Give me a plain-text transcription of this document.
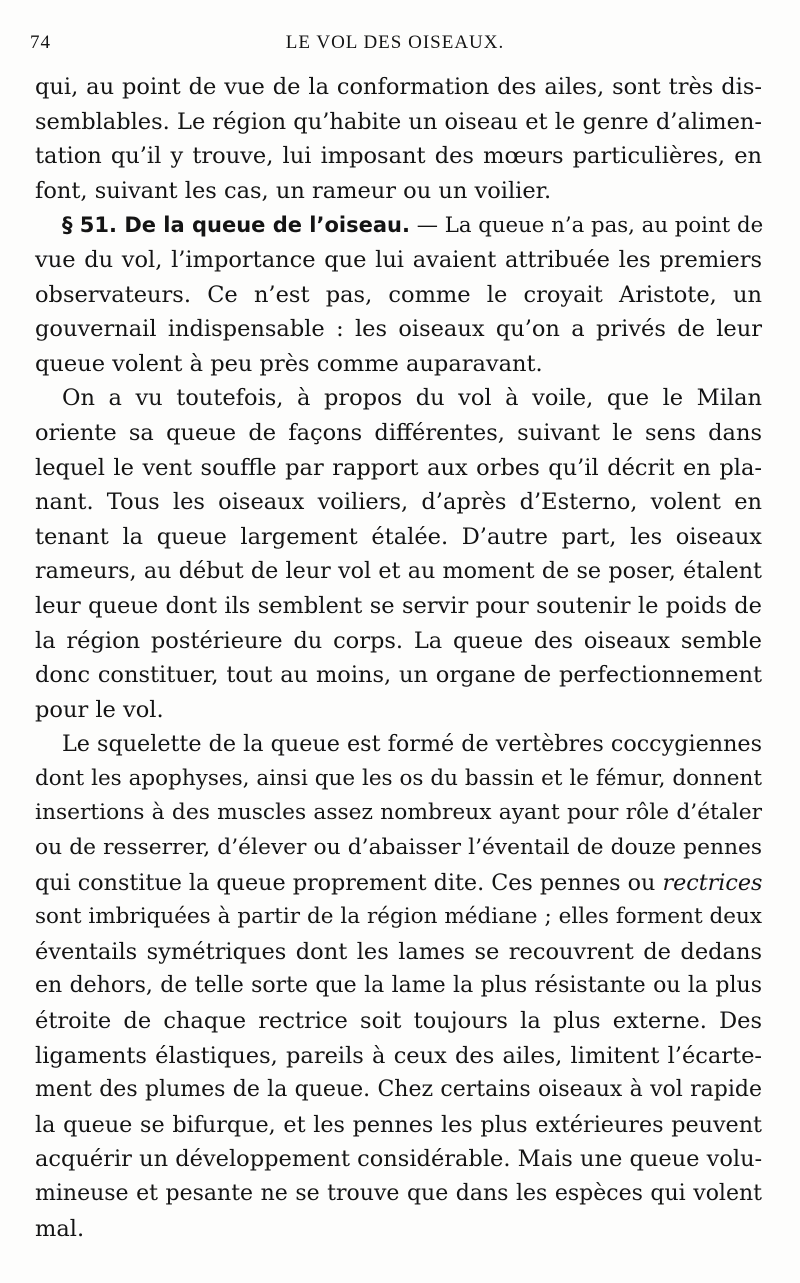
74	LE VOL DES OISEAUX.
qui, au point de vue de la conformation des ailes, sont très dis-
semblables. Le région qu’habite un oiseau et le genre d’alimen-
tation qu’il y trouve, lui imposant des mœurs particulières, en
font, suivant les cas, un rameur ou un voilier.
§ 51. De la queue de l’oiseau. — La queue n’a pas, au point de
vue du vol, l’importance que lui avaient attribuée les premiers
observateurs. Ce n’est pas, comme le croyait Aristote, un
gouvernail indispensable : les oiseaux qu’on a privés de leur
queue volent à peu près comme auparavant.
On a vu toutefois, à propos du vol à voile, que le Milan
oriente sa queue de façons différentes, suivant le sens dans
lequel le vent souffle par rapport aux orbes qu’il décrit en pla-
nant. Tous les oiseaux voiliers, d’après d’Esterno, volent en
tenant la queue largement étalée. D’autre part, les oiseaux
rameurs, au début de leur vol et au moment de se poser, étalent
leur queue dont ils semblent se servir pour soutenir le poids de
la région postérieure du corps. La queue des oiseaux semble
donc constituer, tout au moins, un organe de perfectionnement
pour le vol.
Le squelette de la queue est formé de vertèbres coccygiennes
dont les apophyses, ainsi que les os du bassin et le fémur, donnent
insertions à des muscles assez nombreux ayant pour rôle d’étaler
ou de resserrer, d’élever ou d’abaisser l’éventail de douze pennes
qui constitue la queue proprement dite. Ces pennes ou rectrices
sont imbriquées à partir de la région médiane ; elles forment deux
éventails symétriques dont les lames se recouvrent de dedans
en dehors, de telle sorte que la lame la plus résistante ou la plus
étroite de chaque rectrice soit toujours la plus externe. Des
ligaments élastiques, pareils à ceux des ailes, limitent l’écarte-
ment des plumes de la queue. Chez certains oiseaux à vol rapide
la queue se bifurque, et les pennes les plus extérieures peuvent
acquérir un développement considérable. Mais une queue volu-
mineuse et pesante ne se trouve que dans les espèces qui volent
mal.
